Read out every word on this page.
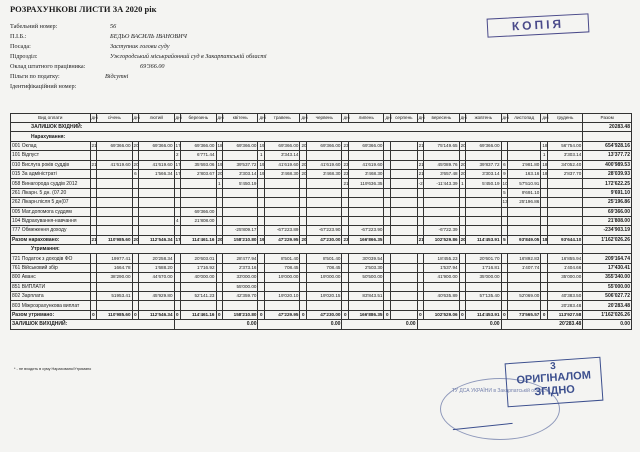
РОЗРАХУНКОВІ ЛИСТИ ЗА 2020 рік
КОПІЯ
Табельний номер:	56
П.І.Б.:	БЕДЬО ВАСИЛЬ ІВАНОВИЧ
Посада:	Заступник голови суду
Підрозділ:	Ужгородський міськрайонний суд в Закарпатській області
Оклад штатного працівника:	69'366.00
Пільги по податку:	Відсутні
Ідентифікаційний номер:
Вид оплати	дні	січень	дні	лютий	дні	березень	дні	квітень	дні	травень	дні	червень	дні	липень	дні	серпень	дні	вересень	дні	жовтень	дні	листопад	дні	грудень	Разом
ЗАЛИШОК ВХІДНИЙ:																									20283.48
Нарахування:																									
001 Оклад	21	69'366.00	20	69'366.00	17	69'366.00	18	69'366.00	19	69'366.00	20	69'366.00	23	69'366.00			21	75'149.65	20	69'366.00			18	56'754.00	654'928.16
101 Відпуст					2	6'771.44			1	3'343.14													1	3'303.14	13'377.72
010 Вислуга років суддів	21	41'619.60	20	41'619.60	17	35'693.06	19	39'537.72	19	41'619.60	20	41'619.60	23	41'619.60			21	45'089.76	20	39'837.72	6	1'981.80	18	34'052.40	400'989.53
015 За адміністраті			6	1'566.34	17	2'803.67	20	3'303.14	19	3'468.30	20	3'468.30	23	3'468.30			21	3'657.48	20	3'303.14	9	163.16	18	2'837.70	28'039.93
058 Винагорода суддів 2012							1	5'450.19					21	119'636.35			-2	-11'443.39	1	5'450.19	10	57'510.91			172'622.25
261 Лікарн. 5 дн. (07.20																					5	9'691.10			9'691.10
262 Лікарн.після 5 дн(07																					13	25'196.86			25'196.86
005 Мат.допомога суддям						69'366.00																			69'366.00
104 Відрахування-навчання					4	21'808.00																			21'808.00
777 Обмеження доходу								-25'809.17		-67'223.89		-67'223.90		-67'223.90				-6'722.39							-234'903.19
Разом нараховано:	21	110'985.60	20	112'546.34	17	114'461.16	20	158'210.80	19	47'229.95	20	47'230.00	23	166'866.35			21	102'529.86	20	114'453.91	5	93'849.05	18	93'644.10	1'162'026.26
Утримання:																									
721 Податок з доходів ФО		19977.41		20'258.34		20'603.01		28'477.94		8'501.40		8'501.40		30'039.54				18'455.23		20'601.70		16'892.83		16'855.94	209'164.74
761 Військовий збір		1664.78		1'688.20		1'716.92		2'373.16		708.45		708.45		2'503.30				1'537.94		1'716.81		1'407.74		1'404.66	17'430.41
800 Аванс		38'290.00		44'670.00		40'000.00		33'000.00		19'000.00		19'000.00		50'500.00				41'900.00		35'000.00				35'000.00	355'340.00
851 ВИПЛАТИ								55'000.00																	55'000.00
802 Зарплата		51953.41		45'929.80		52'141.23		42'359.70		19'020.10		19'020.15		83'843.51				40'635.89		57'135.40		52'069.00		40'383.50	506'027.72
803 Міжрозрахункова виплат																								20'283.48	20'283.48
Разом утримано:	0	110'985.60	0	112'546.34	0	114'461.16	0	158'210.80	0	47'229.95	0	47'230.00	0	166'886.35	0		0	102'529.06	0	114'453.91	0	73'565.57	0	113'927.58	1'162'026.26
ЗАЛИШОК ВИХІДНИЙ:					0.00				0.00				0.00				0.00				20'283.48				0.00
* - не входить в суму Нараховано/Утримано
ТУ ДСА УКРАЇНИ в Закарпатській області
3
ОРИГІНАЛОМ
ЗГІДНО
